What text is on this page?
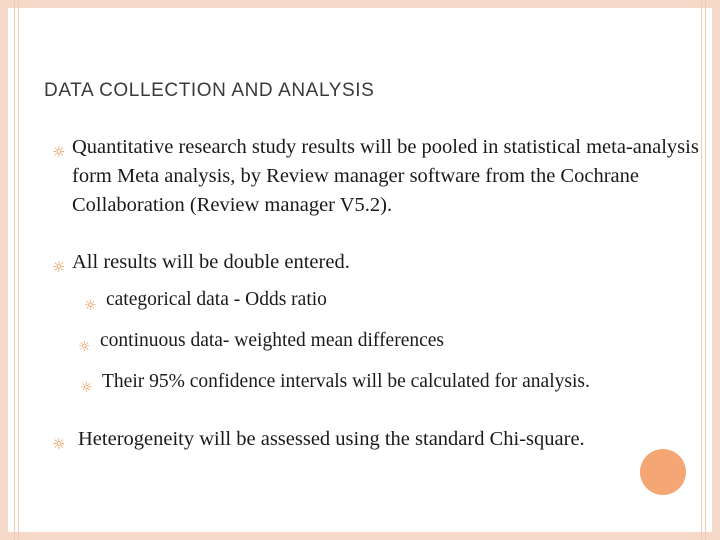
DATA COLLECTION AND ANALYSIS
☼ Quantitative research study results will be pooled in statistical meta-analysis form Meta analysis, by Review manager software from the Cochrane Collaboration (Review manager V5.2).
☼ All results will be double entered.
☼ categorical data - Odds ratio
☼ continuous data- weighted mean differences
☼ Their 95% confidence intervals will be calculated for analysis.
☼ Heterogeneity will be assessed using the standard Chi-square.
